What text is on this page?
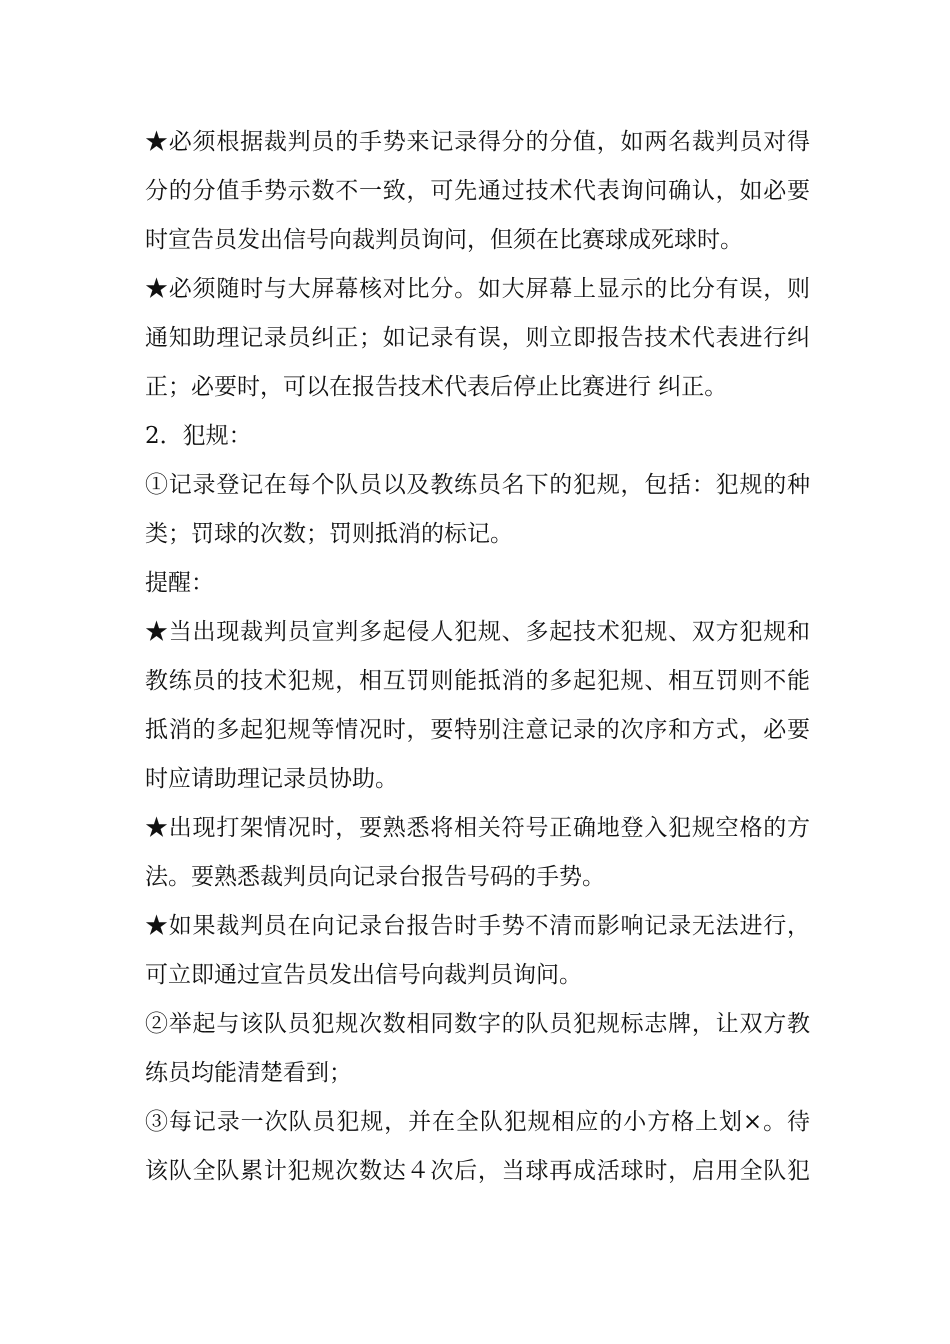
★必须根据裁判员的手势来记录得分的分值，如两名裁判员对得
分的分值手势示数不一致，可先通过技术代表询问确认，如必要
时宣告员发出信号向裁判员询问，但须在比赛球成死球时。
★必须随时与大屏幕核对比分。如大屏幕上显示的比分有误，则
通知助理记录员纠正；如记录有误，则立即报告技术代表进行纠
正；必要时，可以在报告技术代表后停止比赛进行 纠正。
2．犯规：
①记录登记在每个队员以及教练员名下的犯规，包括：犯规的种
类；罚球的次数；罚则抵消的标记。
提醒：
★当出现裁判员宣判多起侵人犯规、多起技术犯规、双方犯规和
教练员的技术犯规，相互罚则能抵消的多起犯规、相互罚则不能
抵消的多起犯规等情况时，要特别注意记录的次序和方式，必要
时应请助理记录员协助。
★出现打架情况时，要熟悉将相关符号正确地登入犯规空格的方
法。要熟悉裁判员向记录台报告号码的手势。
★如果裁判员在向记录台报告时手势不清而影响记录无法进行，
可立即通过宣告员发出信号向裁判员询问。
②举起与该队员犯规次数相同数字的队员犯规标志牌，让双方教
练员均能清楚看到；
③每记录一次队员犯规，并在全队犯规相应的小方格上划×。待
该队全队累计犯规次数达４次后，当球再成活球时，启用全队犯
